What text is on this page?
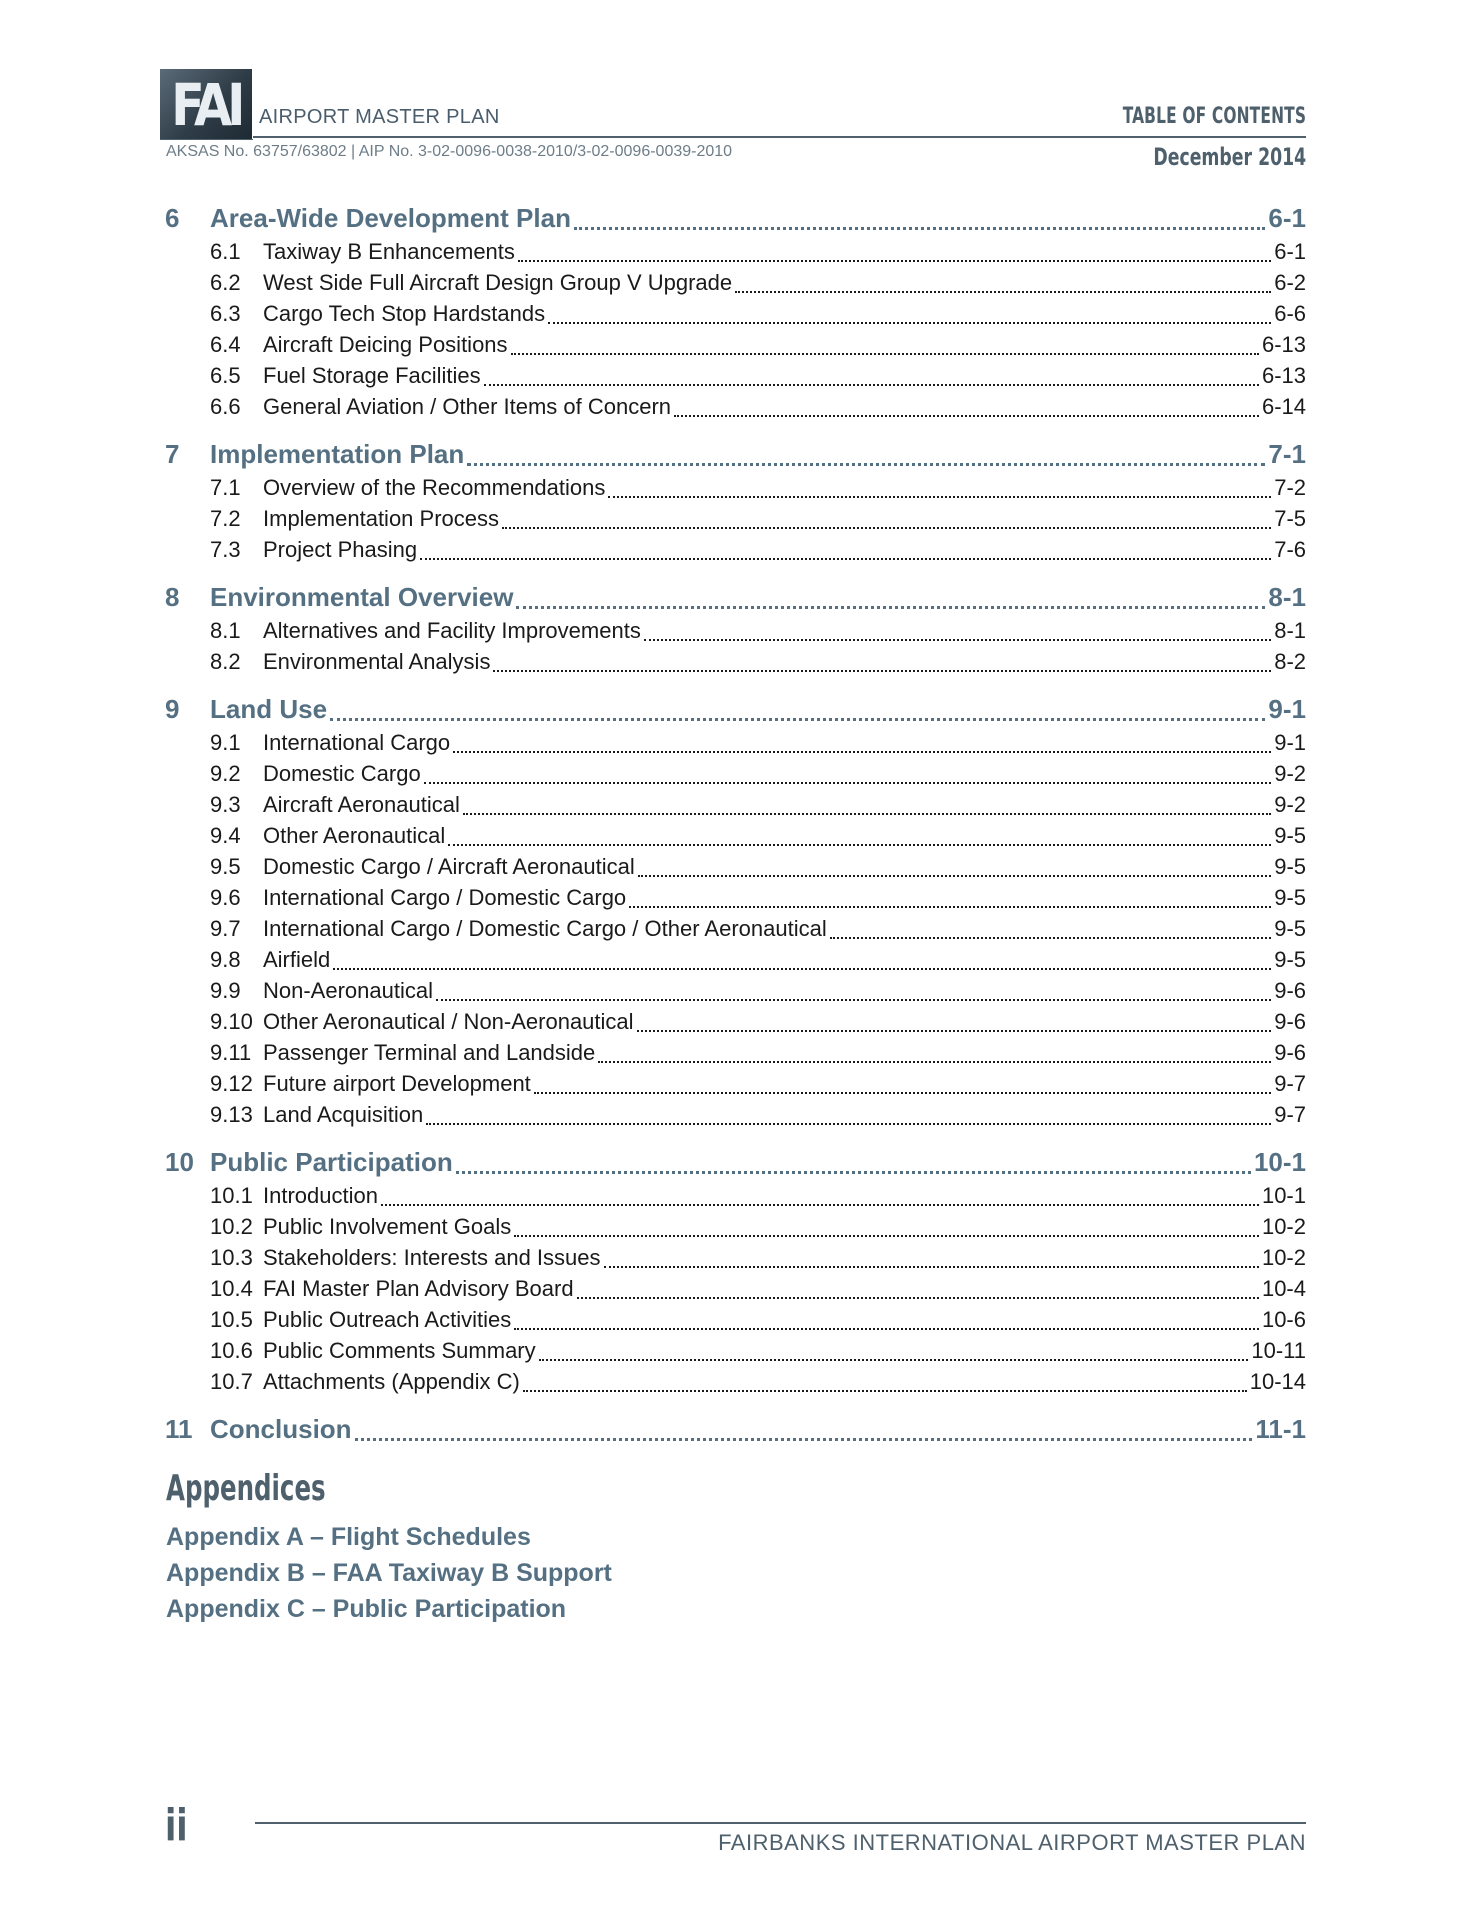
FAI AIRPORT MASTER PLAN
AKSAS No. 63757/63802 | AIP No. 3-02-0096-0038-2010/3-02-0096-0039-2010
TABLE OF CONTENTS
December 2014
6	Area-Wide Development Plan	6-1
6.1	Taxiway B Enhancements	6-1
6.2	West Side Full Aircraft Design Group V Upgrade	6-2
6.3	Cargo Tech Stop Hardstands	6-6
6.4	Aircraft Deicing Positions	6-13
6.5	Fuel Storage Facilities	6-13
6.6	General Aviation / Other Items of Concern	6-14
7	Implementation Plan	7-1
7.1	Overview of the Recommendations	7-2
7.2	Implementation Process	7-5
7.3	Project Phasing	7-6
8	Environmental Overview	8-1
8.1	Alternatives and Facility Improvements	8-1
8.2	Environmental Analysis	8-2
9	Land Use	9-1
9.1	International Cargo	9-1
9.2	Domestic Cargo	9-2
9.3	Aircraft Aeronautical	9-2
9.4	Other Aeronautical	9-5
9.5	Domestic Cargo / Aircraft Aeronautical	9-5
9.6	International Cargo / Domestic Cargo	9-5
9.7	International Cargo / Domestic Cargo / Other Aeronautical	9-5
9.8	Airfield	9-5
9.9	Non-Aeronautical	9-6
9.10 Other Aeronautical / Non-Aeronautical	9-6
9.11 Passenger Terminal and Landside	9-6
9.12 Future airport Development	9-7
9.13 Land Acquisition	9-7
10 Public Participation	10-1
10.1 Introduction	10-1
10.2 Public Involvement Goals	10-2
10.3 Stakeholders: Interests and Issues	10-2
10.4 FAI Master Plan Advisory Board	10-4
10.5 Public Outreach Activities	10-6
10.6 Public Comments Summary	10-11
10.7 Attachments (Appendix C)	10-14
11 Conclusion	11-1
Appendices
Appendix A – Flight Schedules
Appendix B – FAA Taxiway B Support
Appendix C – Public Participation
ii	FAIRBANKS INTERNATIONAL AIRPORT MASTER PLAN
